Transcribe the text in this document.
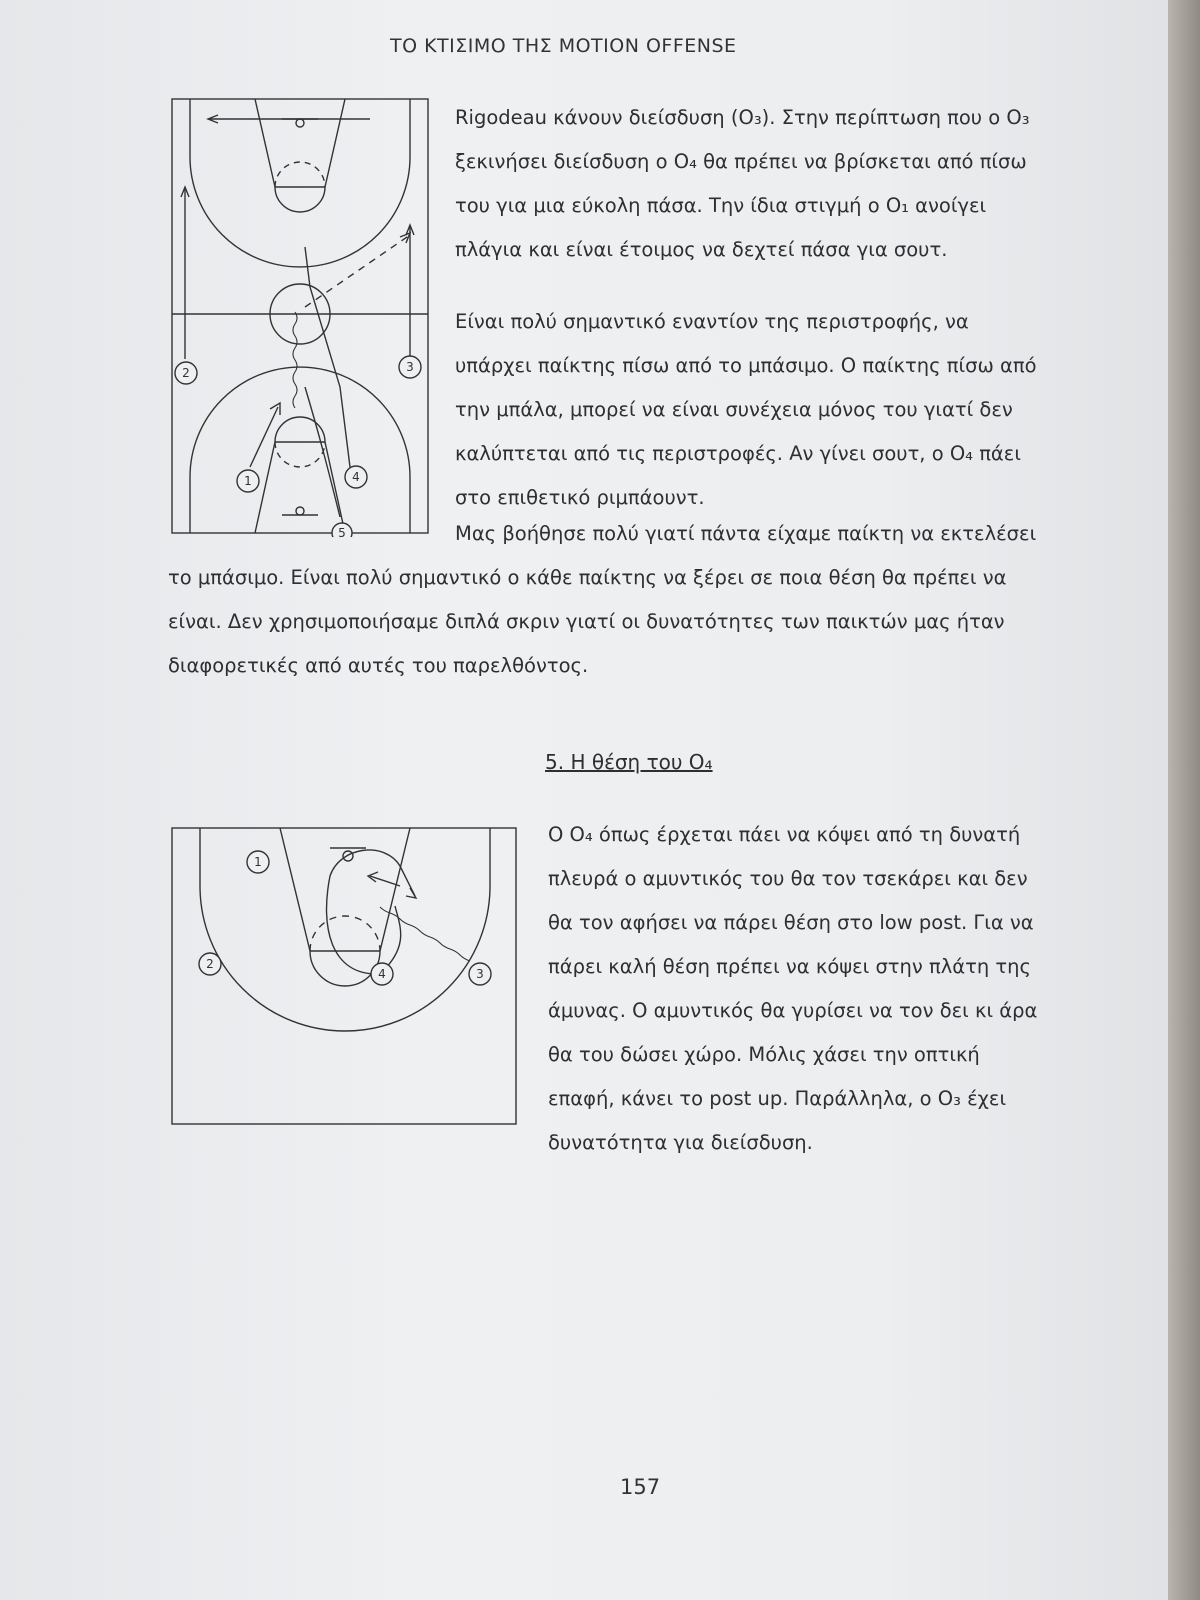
ΤΟ ΚΤΙΣΙΜΟ ΤΗΣ MOTION OFFENSE
2	3
1	4
5
Rigodeau κάνουν διείσδυση (O₃). Στην περίπτωση που ο O₃
ξεκινήσει διείσδυση ο O₄ θα πρέπει να βρίσκεται από πίσω
του για μια εύκολη πάσα. Την ίδια στιγμή ο O₁ ανοίγει
πλάγια και είναι έτοιμος να δεχτεί πάσα για σουτ.
Είναι πολύ σημαντικό εναντίον της περιστροφής, να
υπάρχει παίκτης πίσω από το μπάσιμο. Ο παίκτης πίσω από
την μπάλα, μπορεί να είναι συνέχεια μόνος του γιατί δεν
καλύπτεται από τις περιστροφές. Αν γίνει σουτ, ο O₄ πάει
στο επιθετικό ριμπάουντ.
Μας βοήθησε πολύ γιατί πάντα είχαμε παίκτη να εκτελέσει
το μπάσιμο. Είναι πολύ σημαντικό ο κάθε παίκτης να ξέρει σε ποια θέση θα πρέπει να
είναι. Δεν χρησιμοποιήσαμε διπλά σκριν γιατί οι δυνατότητες των παικτών μας ήταν
διαφορετικές από αυτές του παρελθόντος.
5. Η θέση του O₄
1
2
4	3
Ο O₄ όπως έρχεται πάει να κόψει από τη δυνατή
πλευρά ο αμυντικός του θα τον τσεκάρει και δεν
θα τον αφήσει να πάρει θέση στο low post. Για να
πάρει καλή θέση πρέπει να κόψει στην πλάτη της
άμυνας. Ο αμυντικός θα γυρίσει να τον δει κι άρα
θα του δώσει χώρο. Μόλις χάσει την οπτική
επαφή, κάνει το post up. Παράλληλα, ο O₃ έχει
δυνατότητα για διείσδυση.
157
